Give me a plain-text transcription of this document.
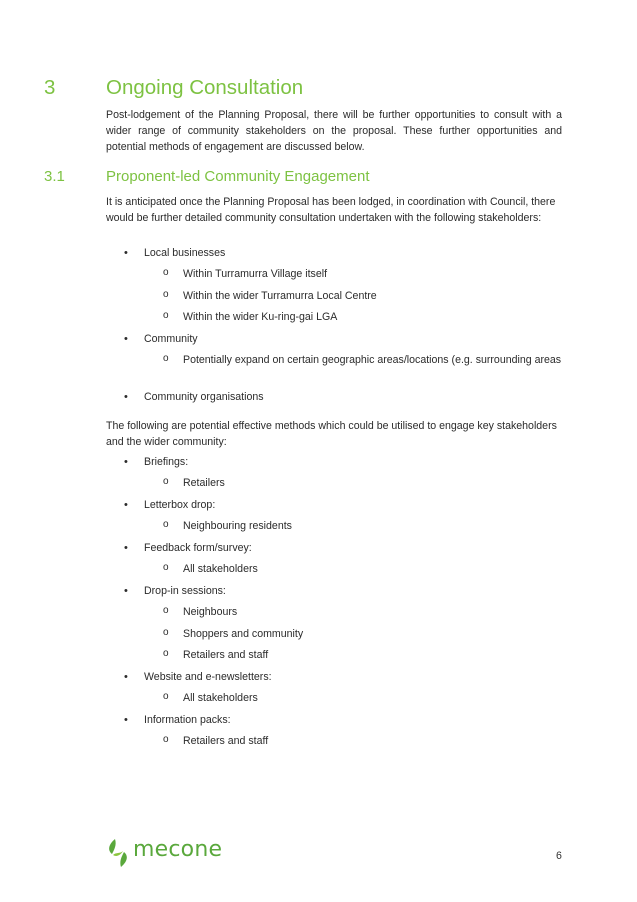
3 Ongoing Consultation

Post-lodgement of the Planning Proposal, there will be further opportunities to consult with a wider range of community stakeholders on the proposal. These further opportunities and potential methods of engagement are discussed below.

3.1	Proponent-led Community Engagement

It is anticipated once the Planning Proposal has been lodged, in coordination with Council, there would be further detailed community consultation undertaken with the following stakeholders:

• Local businesses
o Within Turramurra Village itself
o Within the wider Turramurra Local Centre
o Within the wider Ku-ring-gai LGA
• Community
o Potentially expand on certain geographic areas/locations (e.g. surrounding areas
• Community organisations

The following are potential effective methods which could be utilised to engage key stakeholders and the wider community:

• Briefings:
o Retailers
• Letterbox drop:
o Neighbouring residents
• Feedback form/survey:
o All stakeholders
• Drop-in sessions:
o Neighbours
o Shoppers and community
o Retailers and staff
• Website and e-newsletters:
o All stakeholders
• Information packs:
o Retailers and staff
mecone	6
